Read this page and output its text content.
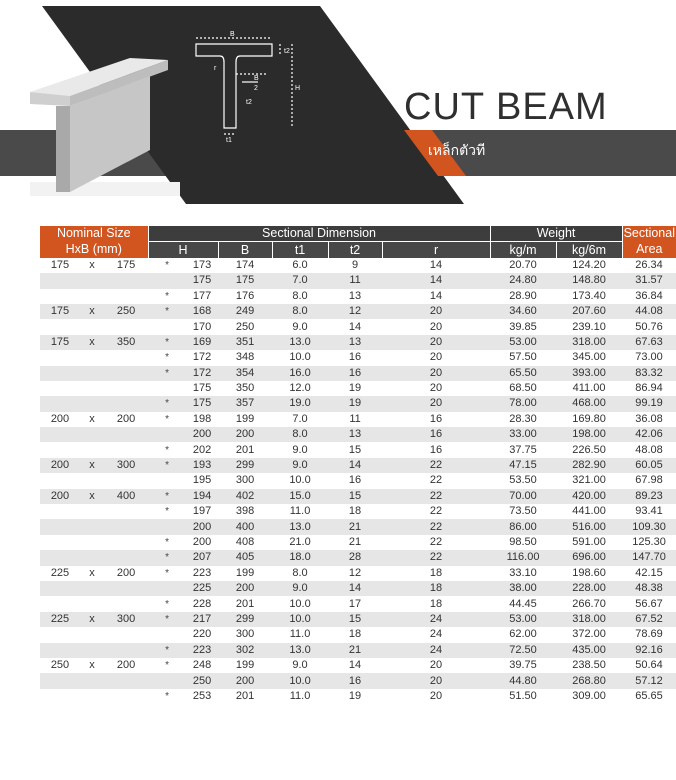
B
t2
B
2
t2
H
t1
r
CUT BEAM
เหล็กตัวที
Nominal Size			Sectional Dimension						Weight		Sectional
HxB (mm)			H		B	t1	t2	r	kg/m	kg/6m	Area
175	x	175	*	173	174	6.0	9	14	20.70	124.20	26.34
				175	175	7.0	11	14	24.80	148.80	31.57
			*	177	176	8.0	13	14	28.90	173.40	36.84
175	x	250	*	168	249	8.0	12	20	34.60	207.60	44.08
				170	250	9.0	14	20	39.85	239.10	50.76
175	x	350	*	169	351	13.0	13	20	53.00	318.00	67.63
			*	172	348	10.0	16	20	57.50	345.00	73.00
			*	172	354	16.0	16	20	65.50	393.00	83.32
				175	350	12.0	19	20	68.50	411.00	86.94
			*	175	357	19.0	19	20	78.00	468.00	99.19
200	x	200	*	198	199	7.0	11	16	28.30	169.80	36.08
				200	200	8.0	13	16	33.00	198.00	42.06
			*	202	201	9.0	15	16	37.75	226.50	48.08
200	x	300	*	193	299	9.0	14	22	47.15	282.90	60.05
				195	300	10.0	16	22	53.50	321.00	67.98
200	x	400	*	194	402	15.0	15	22	70.00	420.00	89.23
			*	197	398	11.0	18	22	73.50	441.00	93.41
				200	400	13.0	21	22	86.00	516.00	109.30
			*	200	408	21.0	21	22	98.50	591.00	125.30
			*	207	405	18.0	28	22	116.00	696.00	147.70
225	x	200	*	223	199	8.0	12	18	33.10	198.60	42.15
				225	200	9.0	14	18	38.00	228.00	48.38
			*	228	201	10.0	17	18	44.45	266.70	56.67
225	x	300	*	217	299	10.0	15	24	53.00	318.00	67.52
				220	300	11.0	18	24	62.00	372.00	78.69
			*	223	302	13.0	21	24	72.50	435.00	92.16
250	x	200	*	248	199	9.0	14	20	39.75	238.50	50.64
				250	200	10.0	16	20	44.80	268.80	57.12
			*	253	201	11.0	19	20	51.50	309.00	65.65
